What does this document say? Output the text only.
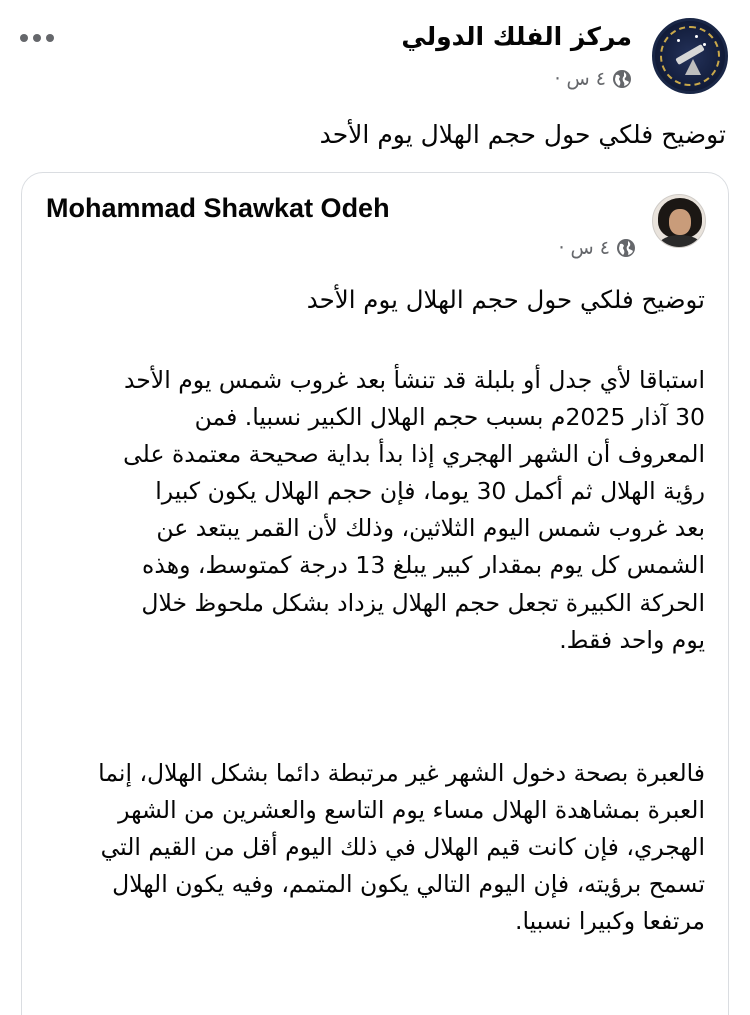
مركز الفلك الدولي
٤ س ·
توضيح فلكي حول حجم الهلال يوم الأحد
Mohammad Shawkat Odeh
٤ س ·
توضيح فلكي حول حجم الهلال يوم الأحد
استباقا لأي جدل أو بلبلة قد تنشأ بعد غروب شمس يوم الأحد
30 آذار 2025م بسبب حجم الهلال الكبير نسبيا. فمن
المعروف أن الشهر الهجري إذا بدأ بداية صحيحة معتمدة على
رؤية الهلال ثم أكمل 30 يوما، فإن حجم الهلال يكون كبيرا
بعد غروب شمس اليوم الثلاثين، وذلك لأن القمر يبتعد عن
الشمس كل يوم بمقدار كبير يبلغ 13 درجة كمتوسط، وهذه
الحركة الكبيرة تجعل حجم الهلال يزداد بشكل ملحوظ خلال
يوم واحد فقط.
فالعبرة بصحة دخول الشهر غير مرتبطة دائما بشكل الهلال، إنما
العبرة بمشاهدة الهلال مساء يوم التاسع والعشرين من الشهر
الهجري، فإن كانت قيم الهلال في ذلك اليوم أقل من القيم التي
تسمح برؤيته، فإن اليوم التالي يكون المتمم، وفيه يكون الهلال
مرتفعا وكبيرا نسبيا.
